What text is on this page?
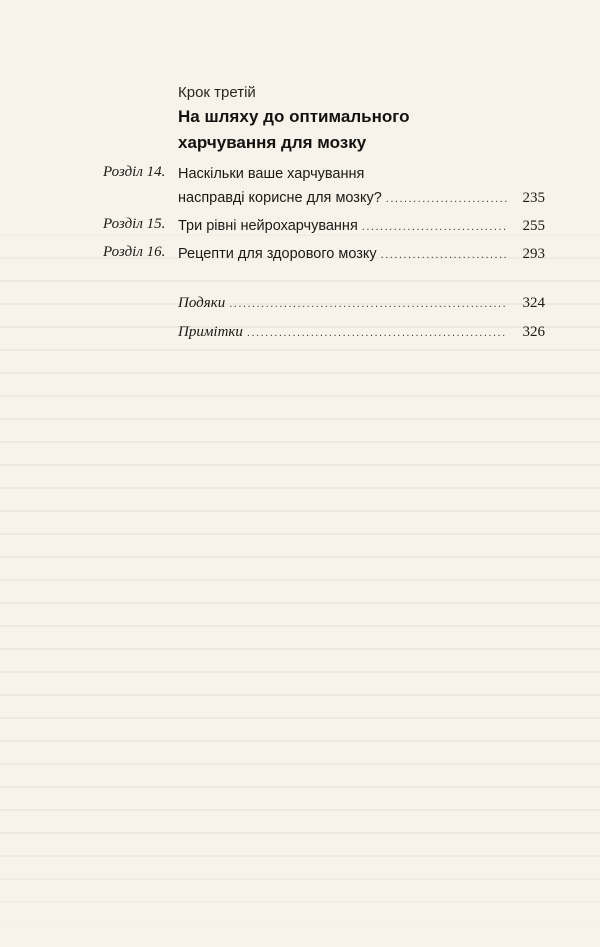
Крок третій
На шляху до оптимального
харчування для мозку
Розділ 14. Наскільки ваше харчування
насправді корисне для мозку? .....	235
Розділ 15. Три рівні нейрохарчування .....	255
Розділ 16. Рецепти для здорового мозку .....	293
Подяки .....	324
Примітки .....	326
